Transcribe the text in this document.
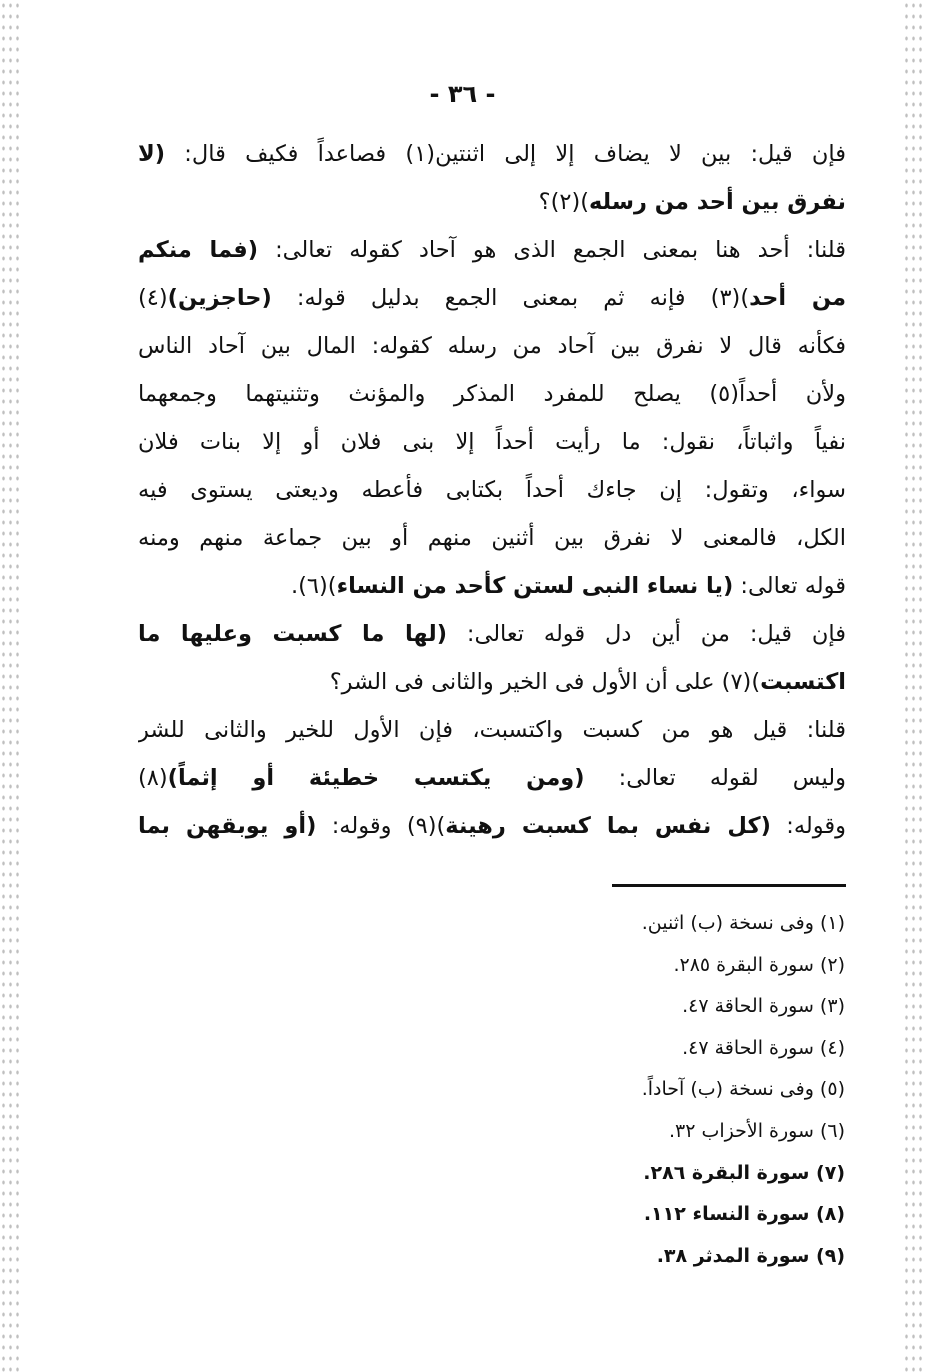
- ٣٦ -
فإن قيل: بين لا يضاف إلا إلى اثنتين(١) فصاعداً فكيف قال: (لا
نفرق بين أحد من رسله)(٢)؟
قلنا: أحد هنا بمعنى الجمع الذى هو آحاد كقوله تعالى: (فما منكم
من أحد)(٣) فإنه ثم بمعنى الجمع بدليل قوله: (حاجزين)(٤)
فكأنه قال لا نفرق بين آحاد من رسله كقوله: المال بين آحاد الناس
ولأن أحداً(٥) يصلح للمفرد المذكر والمؤنث وتثنيتهما وجمعهما
نفياً واثباتاً، نقول: ما رأيت أحداً إلا بنى فلان أو إلا بنات فلان
سواء، وتقول: إن جاءك أحداً بكتابى فأعطه وديعتى يستوى فيه
الكل، فالمعنى لا نفرق بين أثنين منهم أو بين جماعة منهم ومنه
قوله تعالى: (يا نساء النبى لستن كأحد من النساء)(٦).
فإن قيل: من أين دل قوله تعالى: (لها ما كسبت وعليها ما
اكتسبت)(٧) على أن الأول فى الخير والثانى فى الشر؟
قلنا: قيل هو من كسبت واكتسبت، فإن الأول للخير والثانى للشر
وليس لقوله تعالى: (ومن يكتسب خطيئة أو إثماً)(٨)
وقوله: (كل نفس بما كسبت رهينة)(٩) وقوله: (أو يوبقهن بما
(١) وفى نسخة (ب) اثنين.
(٢) سورة البقرة ٢٨٥.
(٣) سورة الحاقة ٤٧.
(٤) سورة الحاقة ٤٧.
(٥) وفى نسخة (ب) آحاداً.
(٦) سورة الأحزاب ٣٢.
(٧) سورة البقرة ٢٨٦.
(٨) سورة النساء ١١٢.
(٩) سورة المدثر ٣٨.
